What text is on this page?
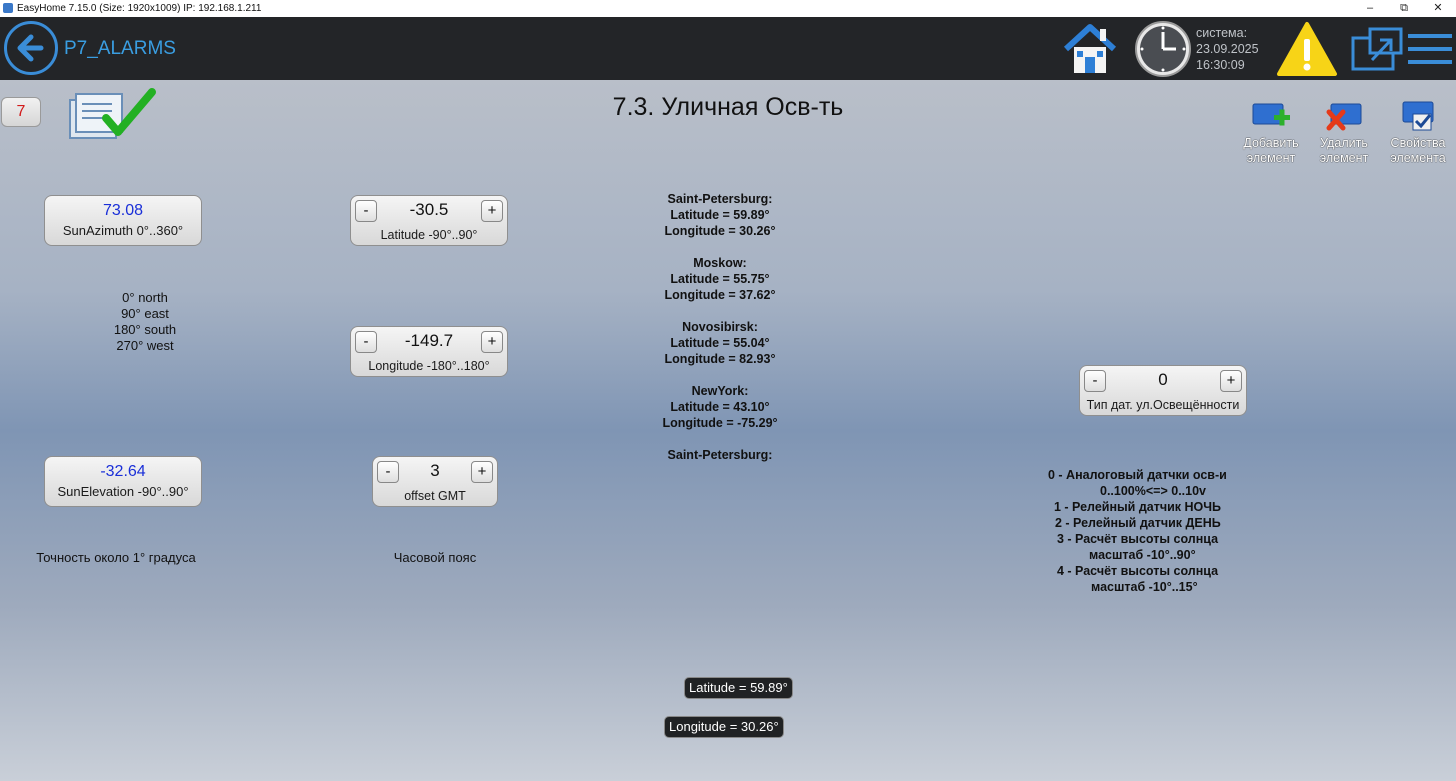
EasyHome 7.15.0 (Size: 1920x1009) IP: 192.168.1.211	–	⧉	✕
P7_ALARMS
система:
23.09.2025
16:30:09
7	7.3. Уличная Осв-ть
Добавить
элемент
Удалить
элемент
Свойства
элемента
73.08
SunAzimuth 0°..360°
0° north
90° east
180° south
270° west
-32.64
SunElevation -90°..90°
Точность около 1° градуса
-	-30.5	+
Latitude -90°..90°
-	-149.7	+
Longitude -180°..180°
-	3	+
offset GMT
Часовой пояс
Saint-Petersburg:
Latitude = 59.89°
Longitude = 30.26°
Moskow:
Latitude = 55.75°
Longitude = 37.62°
Novosibirsk:
Latitude = 55.04°
Longitude = 82.93°
NewYork:
Latitude = 43.10°
Longitude = -75.29°
Saint-Petersburg:
-	0	+
Тип дат. ул.Освещённости
0 - Аналоговый датчки осв-и
0..100%<=> 0..10v
1 - Релейный датчик НОЧЬ
2 - Релейный датчик ДЕНЬ
3 - Расчёт высоты солнца
масштаб -10°..90°
4 - Расчёт высоты солнца
масштаб -10°..15°
Latitude = 59.89°
Longitude = 30.26°
